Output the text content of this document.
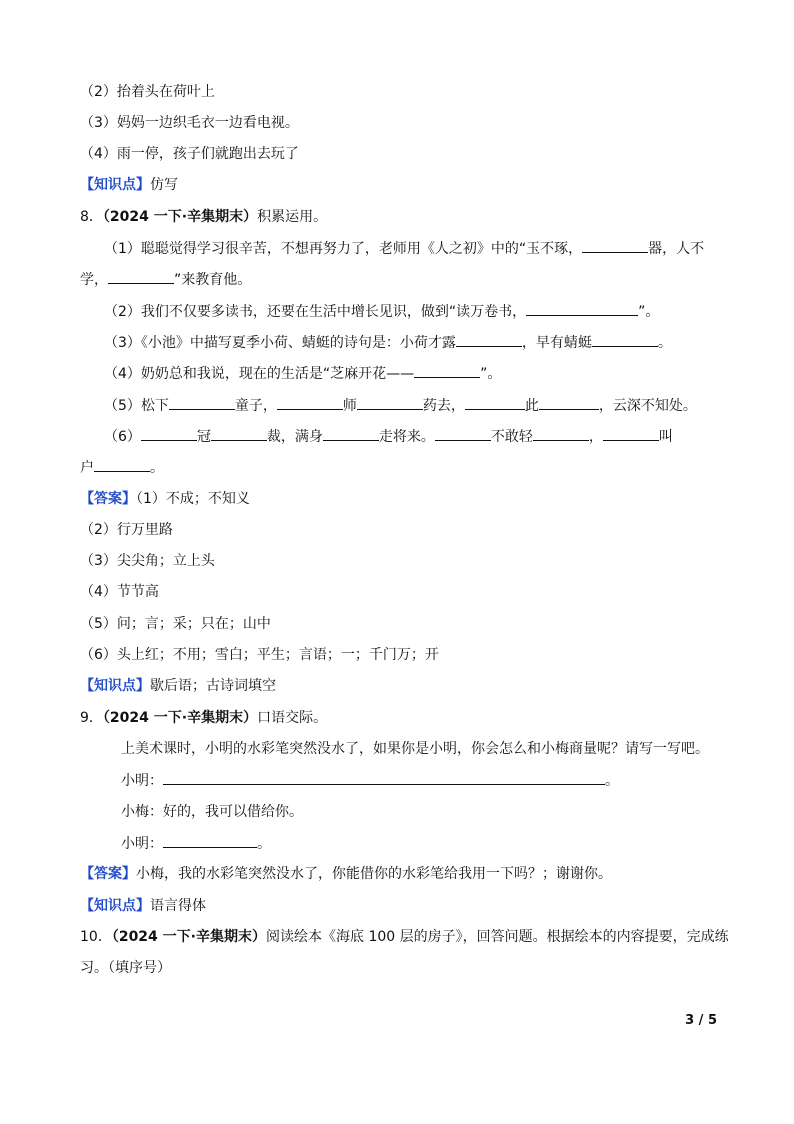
（2）抬着头在荷叶上
（3）妈妈一边织毛衣一边看电视。
（4）雨一停，孩子们就跑出去玩了
【知识点】仿写
8．（2024 一下·辛集期末）积累运用。
（1）聪聪觉得学习很辛苦，不想再努力了，老师用《人之初》中的“玉不琢，	器，人不
学，	”来教育他。
（2）我们不仅要多读书，还要在生活中增长见识，做到“读万卷书，	”。
（3）《小池》中描写夏季小荷、蜻蜓的诗句是：小荷才露	，早有蜻蜓	。
（4）奶奶总和我说，现在的生活是“芝麻开花——	”。
（5）松下	童子，	师	药去，	此	，云深不知处。
（6）	冠	裁，满身	走将来。	不敢轻	，	叫
户	。
【答案】（1）不成；不知义
（2）行万里路
（3）尖尖角；立上头
（4）节节高
（5）问；言；采；只在；山中
（6）头上红；不用；雪白；平生；言语；一；千门万；开
【知识点】歇后语；古诗词填空
9．（2024 一下·辛集期末）口语交际。
上美术课时，小明的水彩笔突然没水了，如果你是小明，你会怎么和小梅商量呢？请写一写吧。
小明：	。
小梅：好的，我可以借给你。
小明：	。
【答案】小梅，我的水彩笔突然没水了，你能借你的水彩笔给我用一下吗？；谢谢你。
【知识点】语言得体
10．（2024 一下·辛集期末）阅读绘本《海底 100 层的房子》，回答问题。根据绘本的内容提要，完成练
习。（填序号）
3 / 5
